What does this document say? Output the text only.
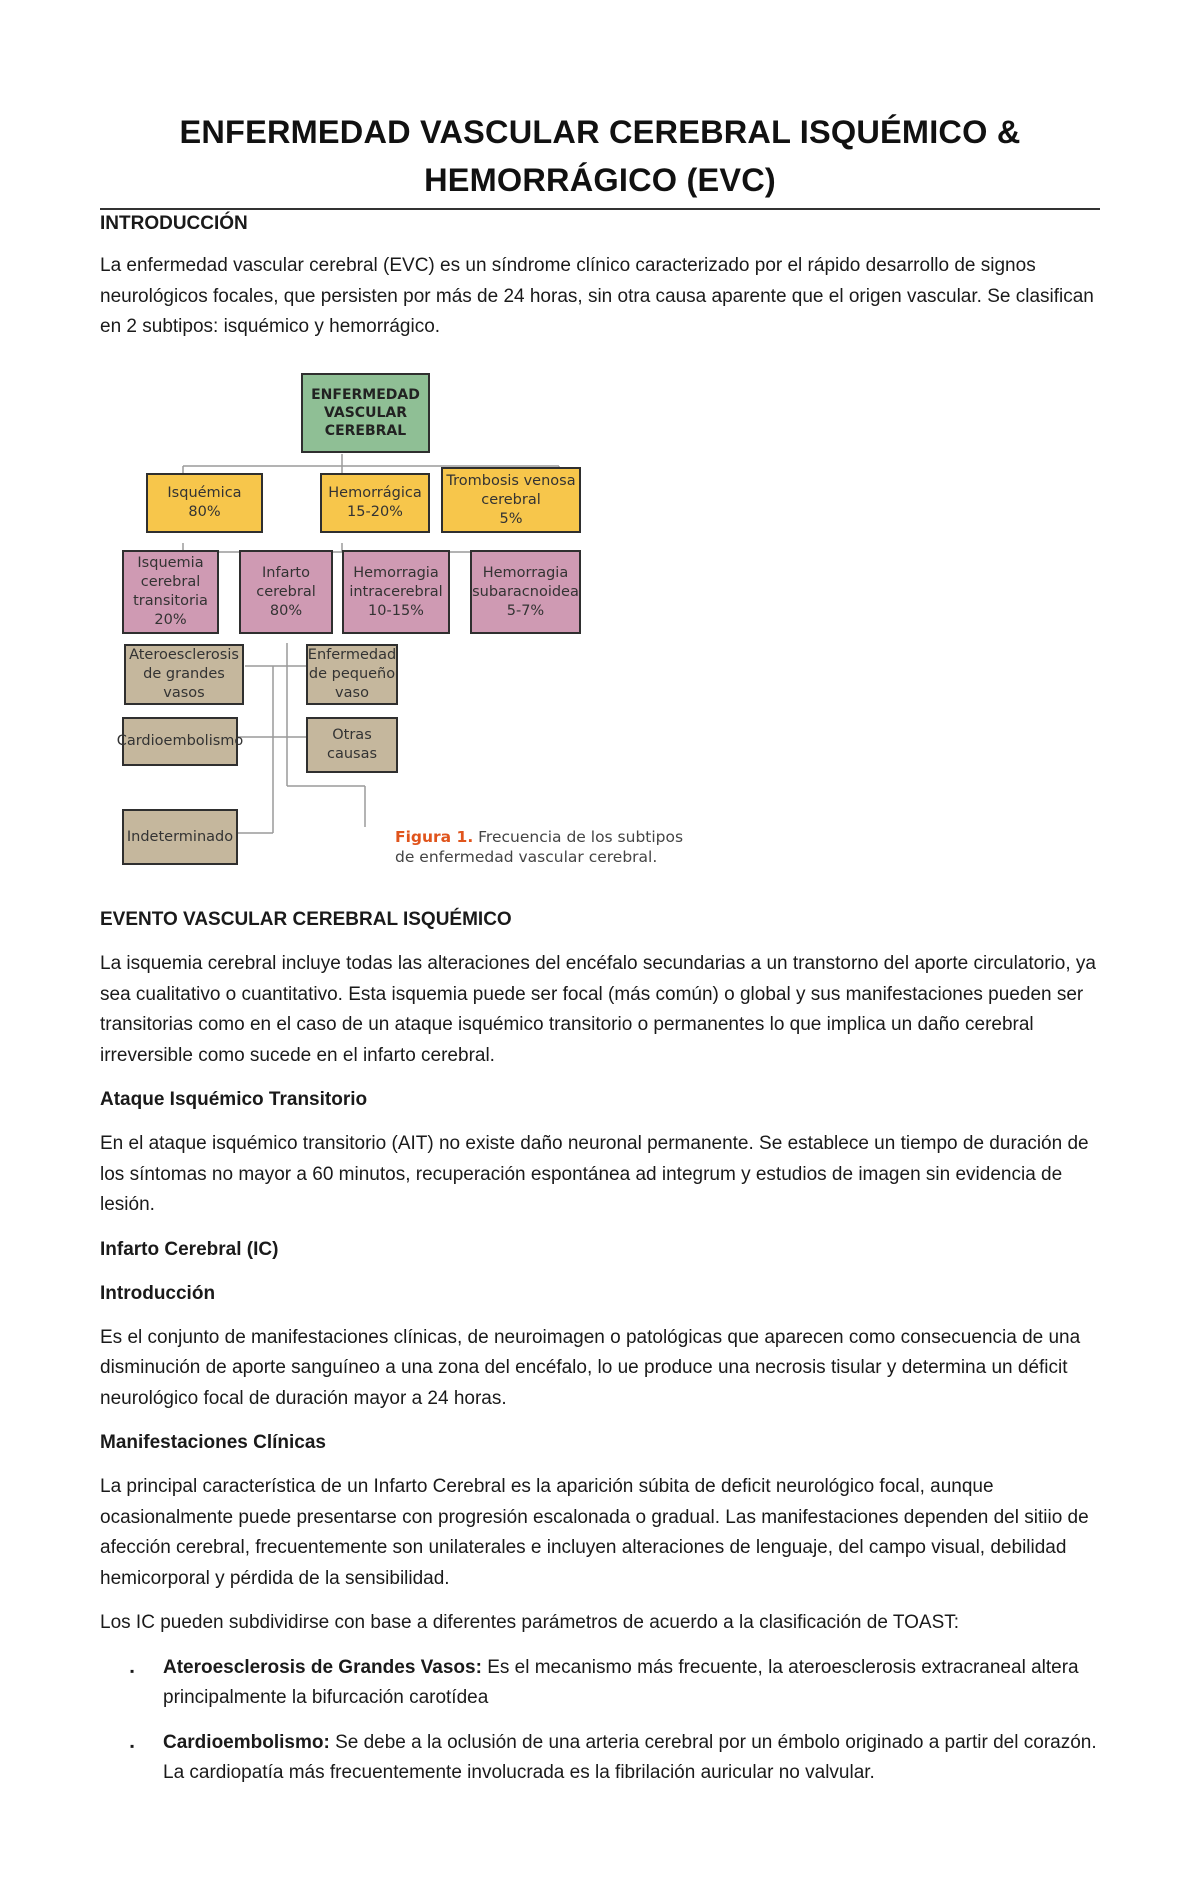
ENFERMEDAD VASCULAR CEREBRAL ISQUÉMICO &
HEMORRÁGICO (EVC)
INTRODUCCIÓN

La enfermedad vascular cerebral (EVC) es un síndrome clínico caracterizado por el rápido desarrollo de signos neurológicos focales, que persisten por más de 24 horas, sin otra causa aparente que el origen vascular. Se clasifican en 2 subtipos: isquémico y hemorrágico.

ENFERMEDAD
VASCULAR
CEREBRAL
Isquémica
80%
Hemorrágica
15-20%
Trombosis venosa
cerebral
5%
Isquemia
cerebral
transitoria
20%
Infarto
cerebral
80%
Hemorragia
intracerebral
10-15%
Hemorragia
subaracnoidea
5-7%
Ateroesclerosis
de grandes vasos
Enfermedad
de pequeño
vaso
Cardioembolismo	Otras causas
Indeterminado	Figura 1. Frecuencia de los subtipos de enfermedad vascular cerebral.
EVENTO VASCULAR CEREBRAL ISQUÉMICO

La isquemia cerebral incluye todas las alteraciones del encéfalo secundarias a un transtorno del aporte circulatorio, ya sea cualitativo o cuantitativo. Esta isquemia puede ser focal (más común) o global y sus manifestaciones pueden ser transitorias como en el caso de un ataque isquémico transitorio o permanentes lo que implica un daño cerebral irreversible como sucede en el infarto cerebral.

Ataque Isquémico Transitorio

En el ataque isquémico transitorio (AIT) no existe daño neuronal permanente. Se establece un tiempo de duración de los síntomas no mayor a 60 minutos, recuperación espontánea ad integrum y estudios de imagen sin evidencia de lesión.

Infarto Cerebral (IC)
Introducción

Es el conjunto de manifestaciones clínicas, de neuroimagen o patológicas que aparecen como consecuencia de una disminución de aporte sanguíneo a una zona del encéfalo, lo ue produce una necrosis tisular y determina un déficit neurológico focal de duración mayor a 24 horas.

Manifestaciones Clínicas

La principal característica de un Infarto Cerebral es la aparición súbita de deficit neurológico focal, aunque ocasionalmente puede presentarse con progresión escalonada o gradual. Las manifestaciones dependen del sitiio de afección cerebral, frecuentemente son unilaterales e incluyen alteraciones de lenguaje, del campo visual, debilidad hemicorporal y pérdida de la sensibilidad.

Los IC pueden subdividirse con base a diferentes parámetros de acuerdo a la clasificación de TOAST:

▪ Ateroesclerosis de Grandes Vasos: Es el mecanismo más frecuente, la ateroesclerosis extracraneal altera principalmente la bifurcación carotídea
▪ Cardioembolismo: Se debe a la oclusión de una arteria cerebral por un émbolo originado a partir del corazón. La cardiopatía más frecuentemente involucrada es la fibrilación auricular no valvular.
